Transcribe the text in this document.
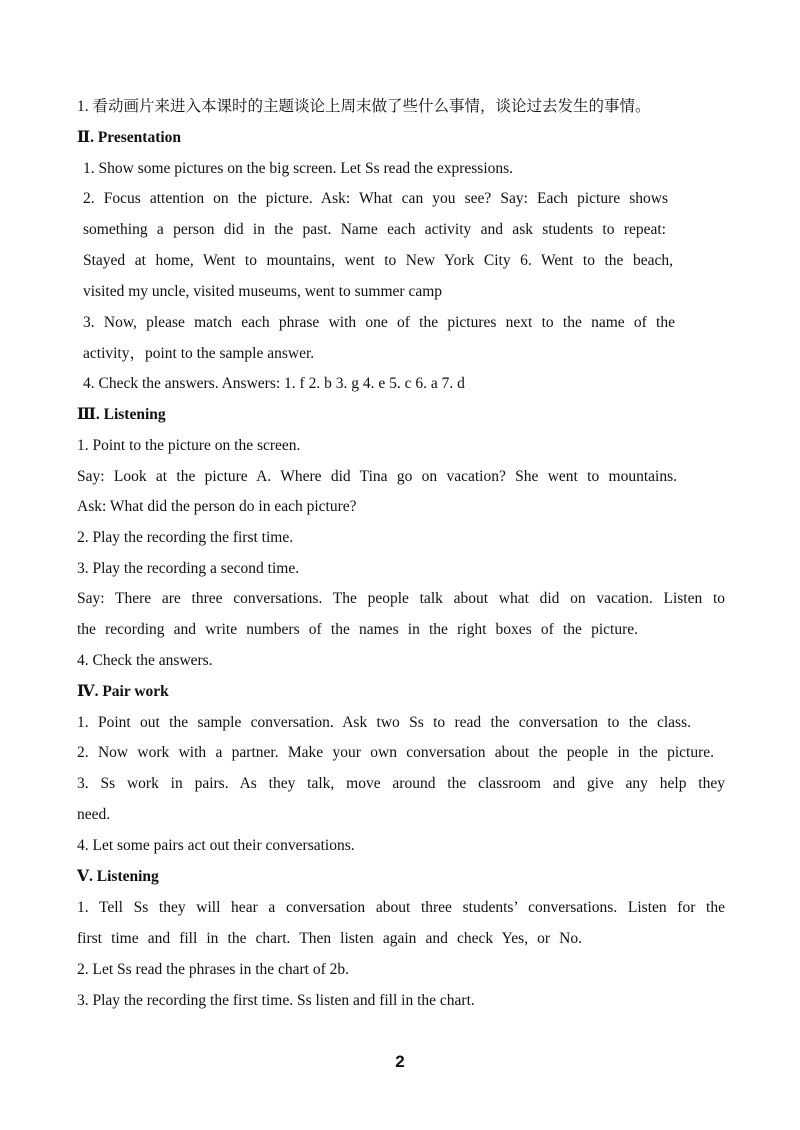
1. 看动画片来进入本课时的主题谈论上周末做了些什么事情，谈论过去发生的事情。
Ⅱ. Presentation
1. Show some pictures on the big screen. Let Ss read the expressions.
2. Focus attention on the picture. Ask: What can you see? Say: Each picture shows
something a person did in the past. Name each activity and ask students to repeat:
Stayed at home, Went to mountains, went to New York City 6. Went to the beach,
visited my uncle, visited museums, went to summer camp
3. Now, please match each phrase with one of the pictures next to the name of the
activity，point to the sample answer.
4. Check the answers. Answers: 1. f 2. b 3. g 4. e 5. c 6. a 7. d
Ⅲ. Listening
1. Point to the picture on the screen.
Say: Look at the picture A. Where did Tina go on vacation? She went to mountains.
Ask: What did the person do in each picture?
2. Play the recording the first time.
3. Play the recording a second time.
Say: There are three conversations. The people talk about what did on vacation. Listen to
the recording and write numbers of the names in the right boxes of the picture.
4. Check the answers.
Ⅳ. Pair work
1. Point out the sample conversation. Ask two Ss to read the conversation to the class.
2. Now work with a partner. Make your own conversation about the people in the picture.
3. Ss work in pairs. As they talk, move around the classroom and give any help they
need.
4. Let some pairs act out their conversations.
Ⅴ. Listening
1. Tell Ss they will hear a conversation about three students’ conversations. Listen for the
first time and fill in the chart. Then listen again and check Yes, or No.
2. Let Ss read the phrases in the chart of 2b.
3. Play the recording the first time. Ss listen and fill in the chart.
2
